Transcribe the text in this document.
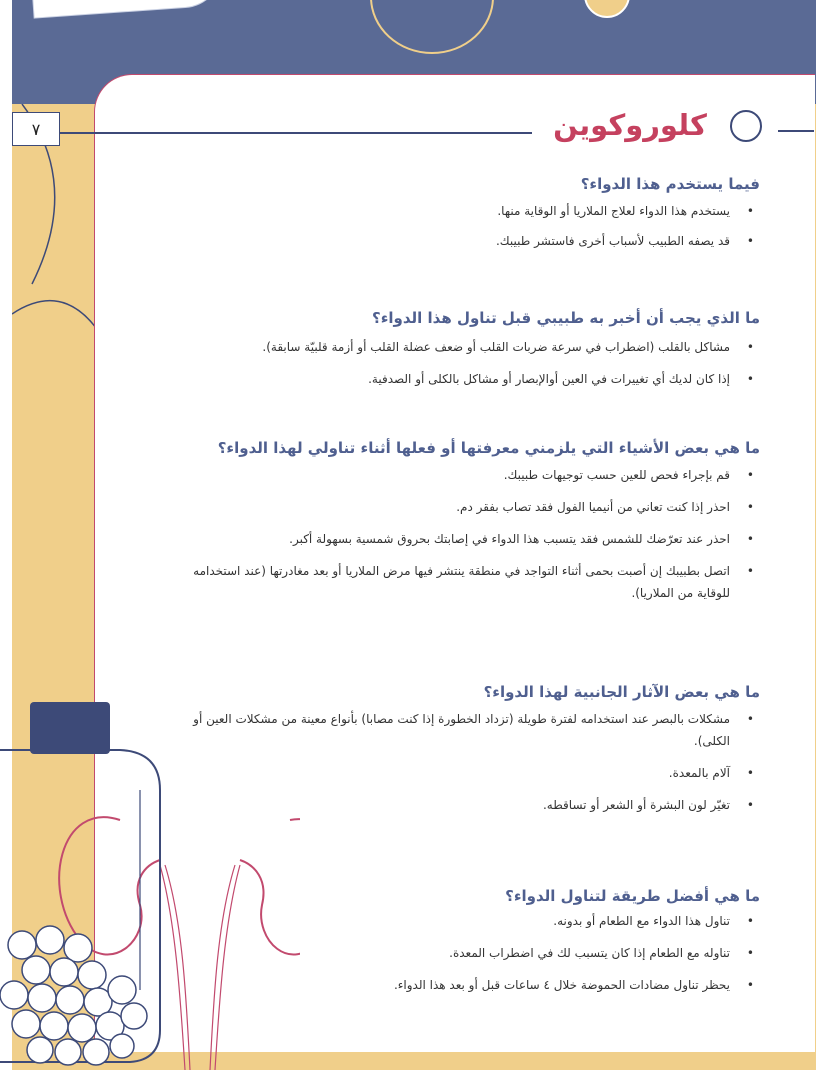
٧	كلوروكوين
فيما يستخدم هذا الدواء؟
•
يستخدم هذا الدواء لعلاج الملاريا أو الوقاية منها.
•
قد يصفه الطبيب لأسباب أخرى فاستشر طبيبك.
ما الذي يجب أن أخبر به طبيبي قبل تناول هذا الدواء؟
•
مشاكل بالقلب (اضطراب في سرعة ضربات القلب أو ضعف عضلة القلب أو أزمة قلبيّة سابقة).
•
إذا كان لديك أي تغييرات في العين أوالإبصار أو مشاكل بالكلى أو الصدفية.
ما هي بعض الأشياء التي يلزمني معرفتها أو فعلها أثناء تناولي لهذا الدواء؟
•
قم بإجراء فحص للعين حسب توجيهات طبيبك.
•
احذر إذا كنت تعاني من أنيميا الفول فقد تصاب بفقر دم.
•
احذر عند تعرّضك للشمس فقد يتسبب هذا الدواء في إصابتك بحروق شمسية بسهولة أكبر.
•
اتصل بطبيبك إن أصبت بحمى أثناء التواجد في منطقة ينتشر فيها مرض الملاريا أو بعد مغادرتها (عند استخدامه للوقاية من الملاريا).
ما هي بعض الآثار الجانبية لهذا الدواء؟
•
مشكلات بالبصر عند استخدامه لفترة طويلة (تزداد الخطورة إذا كنت مصابا) بأنواع معينة من مشكلات العين أو الكلى).
•
آلام بالمعدة.
•
تغيّر لون البشرة أو الشعر أو تساقطه.
ما هي أفضل طريقة لتناول الدواء؟
•
تناول هذا الدواء مع الطعام أو بدونه.
•
تناوله مع الطعام إذا كان يتسبب لك في اضطراب المعدة.
•
يحظر تناول مضادات الحموضة خلال ٤ ساعات قبل أو بعد هذا الدواء.
